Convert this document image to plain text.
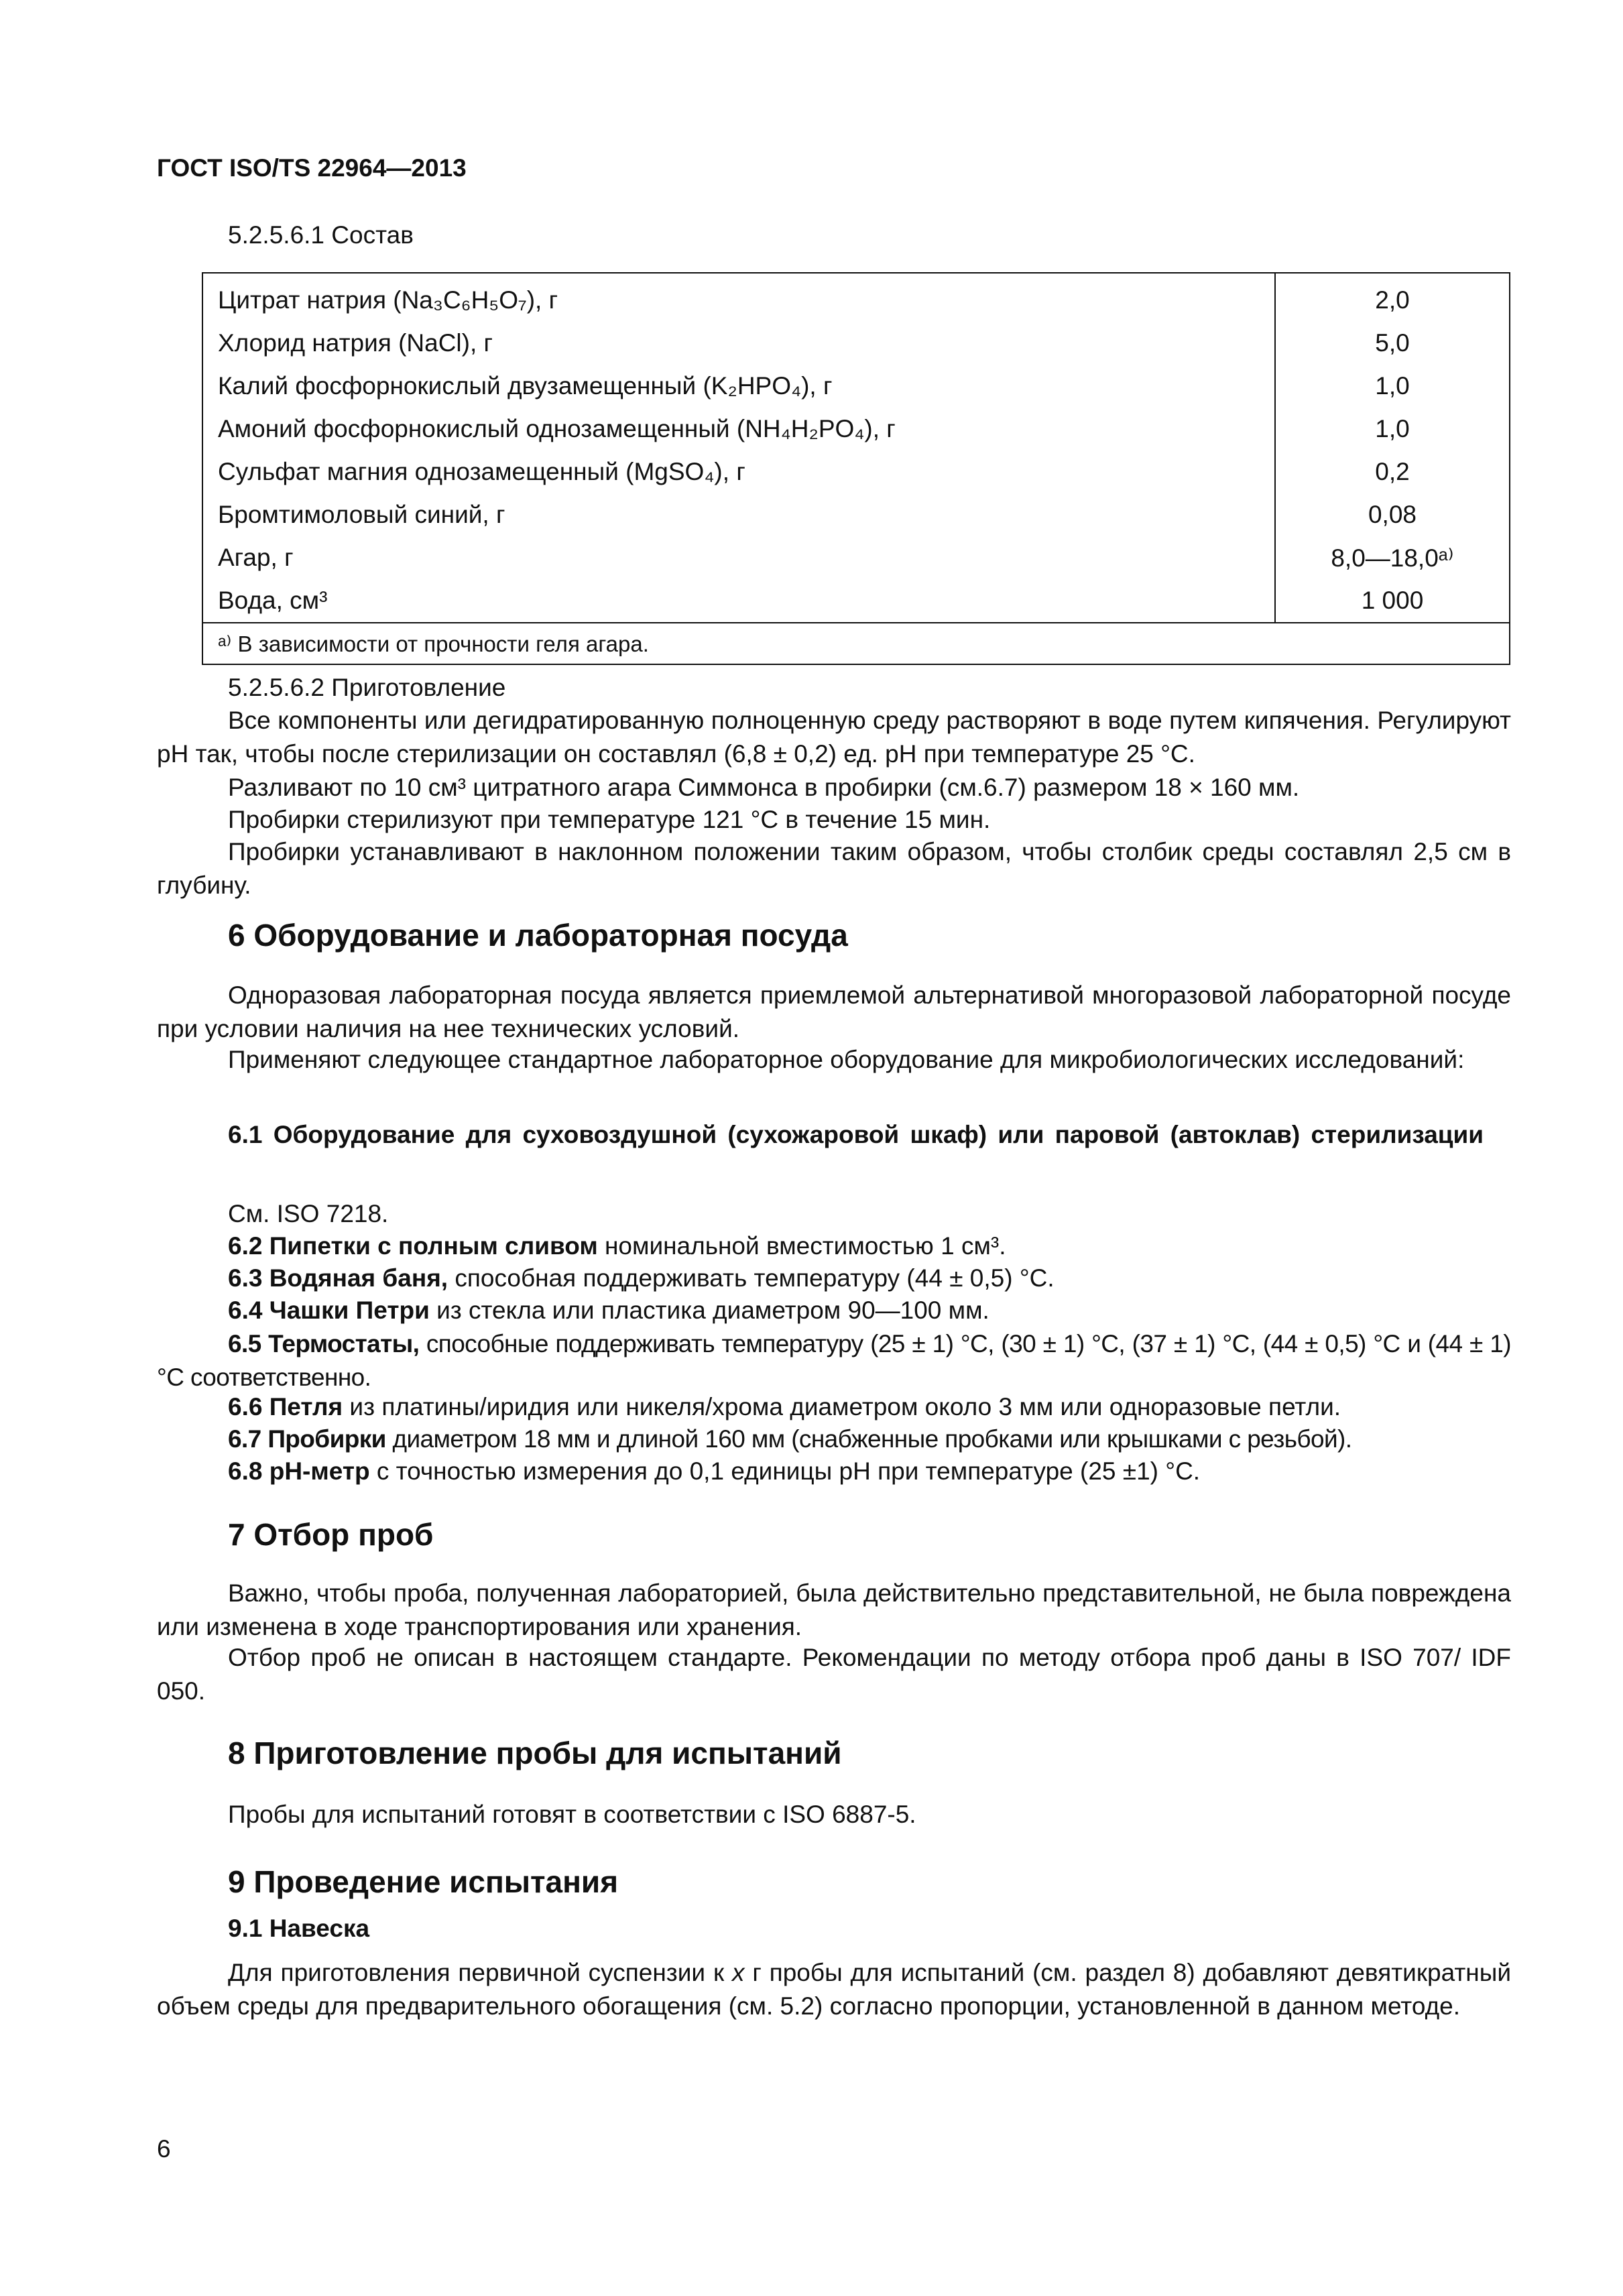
ГОСТ ISO/TS 22964—2013
5.2.5.6.1 Состав
Цитрат натрия (Na₃C₆H₅O₇), г	2,0
Хлорид натрия (NaCl), г	5,0
Калий фосфорнокислый двузамещенный (K₂HPO₄), г	1,0
Амоний фосфорнокислый однозамещенный (NH₄H₂PO₄), г	1,0
Сульфат магния однозамещенный (MgSO₄), г	0,2
Бромтимоловый синий, г	0,08
Агар, г	8,0—18,0ᵃ⁾
Вода, см³	1 000
ᵃ⁾ В зависимости от прочности геля агара.	
5.2.5.6.2 Приготовление
Все компоненты или дегидратированную полноценную среду растворяют в воде путем кипячения. Регулируют pH так, чтобы после стерилизации он составлял (6,8 ± 0,2) ед. pH при температуре 25 °С.
Разливают по 10 см³ цитратного агара Симмонса в пробирки (см.6.7) размером 18 × 160 мм.
Пробирки стерилизуют при температуре 121 °С в течение 15 мин.
Пробирки устанавливают в наклонном положении таким образом, чтобы столбик среды составлял 2,5 см в глубину.
6 Оборудование и лабораторная посуда
Одноразовая лабораторная посуда является приемлемой альтернативой многоразовой лабораторной посуде при условии наличия на нее технических условий.
Применяют следующее стандартное лабораторное оборудование для микробиологических исследований:
6.1 Оборудование для суховоздушной (сухожаровой шкаф) или паровой (автоклав) стерилизации
См. ISO 7218.
6.2 Пипетки с полным сливом номинальной вместимостью 1 см³.
6.3 Водяная баня, способная поддерживать температуру (44 ± 0,5) °С.
6.4 Чашки Петри из стекла или пластика диаметром 90—100 мм.
6.5 Термостаты, способные поддерживать температуру (25 ± 1) °С, (30 ± 1) °С, (37 ± 1) °С, (44 ± 0,5) °С и (44 ± 1) °С соответственно.
6.6 Петля из платины/иридия или никеля/хрома диаметром около 3 мм или одноразовые петли.
6.7 Пробирки диаметром 18 мм и длиной 160 мм (снабженные пробками или крышками с резьбой).
6.8 pH-метр с точностью измерения до 0,1 единицы pH при температуре (25 ±1) °С.
7 Отбор проб
Важно, чтобы проба, полученная лабораторией, была действительно представительной, не была повреждена или изменена в ходе транспортирования или хранения.
Отбор проб не описан в настоящем стандарте. Рекомендации по методу отбора проб даны в ISO 707/ IDF 050.
8 Приготовление пробы для испытаний
Пробы для испытаний готовят в соответствии с ISO 6887-5.
9 Проведение испытания
9.1 Навеска
Для приготовления первичной суспензии к x г пробы для испытаний (см. раздел 8) добавляют девятикратный объем среды для предварительного обогащения (см. 5.2) согласно пропорции, установленной в данном методе.
6
